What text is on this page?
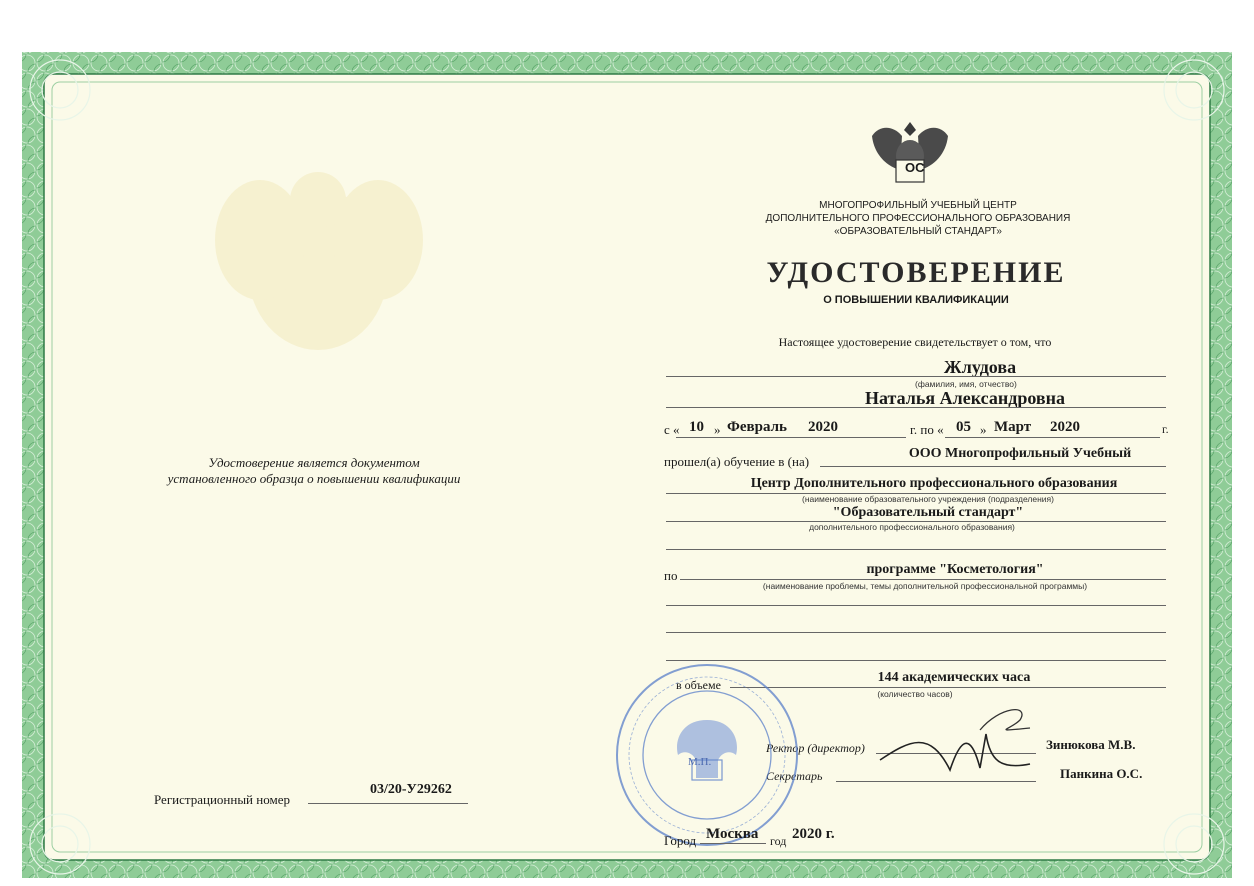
ОС
МНОГОПРОФИЛЬНЫЙ УЧЕБНЫЙ ЦЕНТР
ДОПОЛНИТЕЛЬНОГО ПРОФЕССИОНАЛЬНОГО ОБРАЗОВАНИЯ
«ОБРАЗОВАТЕЛЬНЫЙ СТАНДАРТ»
УДОСТОВЕРЕНИЕ
О ПОВЫШЕНИИ КВАЛИФИКАЦИИ
Настоящее удостоверение свидетельствует о том, что
Жлудова
(фамилия, имя, отчество)
Наталья Александровна
с « 10 » Февраль 2020	г. по « 05 » Март 2020	г.
прошел(а) обучение в (на)
ООО Многопрофильный Учебный
Центр Дополнительного профессионального образования
(наименование образовательного учреждения (подразделения)
"Образовательный стандарт"
дополнительного профессионального образования)
по	программе "Косметология"
(наименование проблемы, темы дополнительной профессиональной программы)
в объеме	144 академических часа
(количество часов)
Ректор (директор)	Зинюкова М.В.
Секретарь	Панкина О.С.
М.П.
Город Москва год 2020 г.
Удостоверение является документом
установленного образца о повышении квалификации
Регистрационный номер
03/20-У29262
